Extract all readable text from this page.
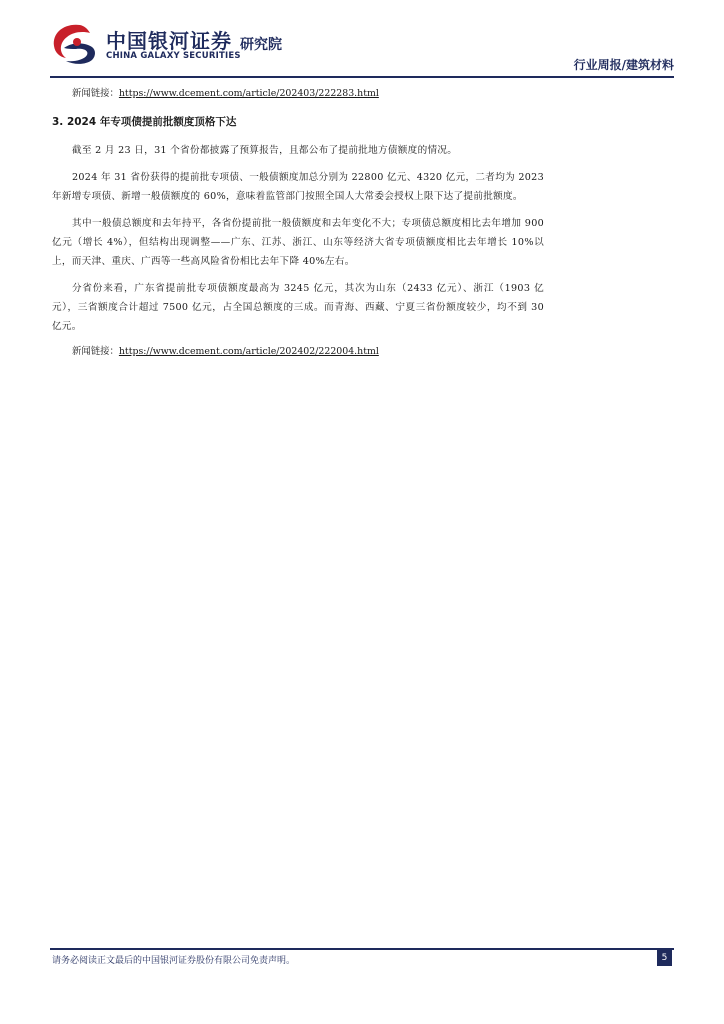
中国银河证券 研究院
CHINA GALAXY SECURITIES
行业周报/建筑材料
新闻链接：https://www.dcement.com/article/202403/222283.html
3. 2024 年专项债提前批额度顶格下达

截至 2 月 23 日，31 个省份都披露了预算报告，且都公布了提前批地方债额度的情况。

2024 年 31 省份获得的提前批专项债、一般债额度加总分别为 22800 亿元、4320 亿元，二者均为 2023 年新增专项债、新增一般债额度的 60%，意味着监管部门按照全国人大常委会授权上限下达了提前批额度。

其中一般债总额度和去年持平，各省份提前批一般债额度和去年变化不大；专项债总额度相比去年增加 900 亿元（增长 4%），但结构出现调整——广东、江苏、浙江、山东等经济大省专项债额度相比去年增长 10%以上，而天津、重庆、广西等一些高风险省份相比去年下降 40%左右。

分省份来看，广东省提前批专项债额度最高为 3245 亿元，其次为山东（2433 亿元）、浙江（1903 亿元），三省额度合计超过 7500 亿元，占全国总额度的三成。而青海、西藏、宁夏三省份额度较少，均不到 30 亿元。

新闻链接：https://www.dcement.com/article/202402/222004.html
请务必阅读正文最后的中国银河证券股份有限公司免责声明。	5
